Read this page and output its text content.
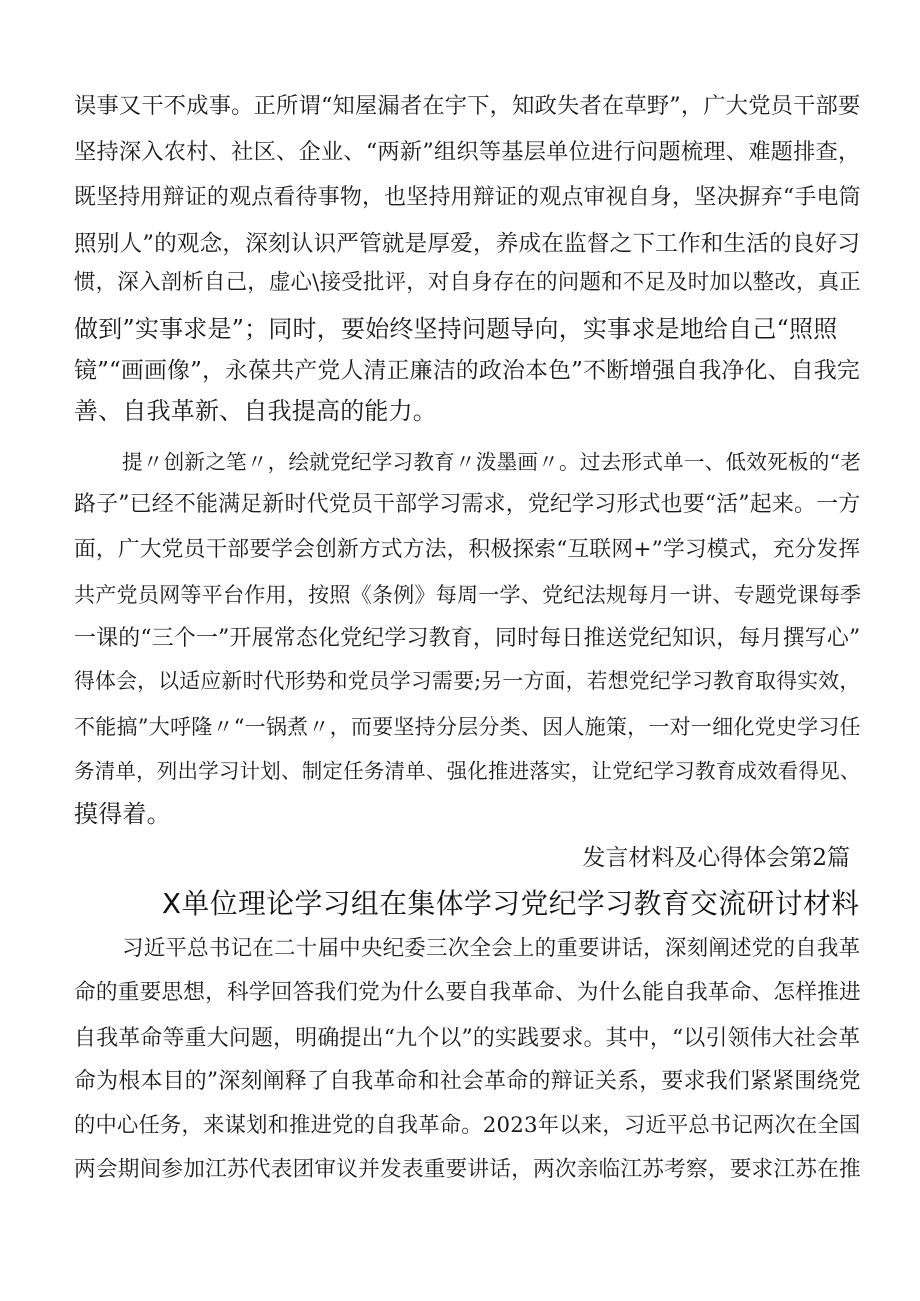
误事又干不成事。正所谓“知屋漏者在宇下，知政失者在草野”，广大党员干部要
坚持深入农村、社区、企业、“两新”组织等基层单位进行问题梳理、难题排查，
既坚持用辩证的观点看待事物，也坚持用辩证的观点审视自身，坚决摒弃“手电筒
照别人”的观念，深刻认识严管就是厚爱，养成在监督之下工作和生活的良好习
惯，深入剖析自己，虚心\接受批评，对自身存在的问题和不足及时加以整改，真正
做到”实事求是”；同时，要始终坚持问题导向，实事求是地给自己“照照
镜”“画画像”，永葆共产党人清正廉洁的政治本色”不断增强自我净化、自我完
善、自我革新、自我提高的能力。
提〃创新之笔〃，绘就党纪学习教育〃泼墨画〃。过去形式单一、低效死板的“老
路子”已经不能满足新时代党员干部学习需求，党纪学习形式也要“活”起来。一方
面，广大党员干部要学会创新方式方法，积极探索“互联网+”学习模式，充分发挥
共产党员网等平台作用，按照《条例》每周一学、党纪法规每月一讲、专题党课每季
一课的“三个一”开展常态化党纪学习教育，同时每日推送党纪知识，每月撰写心”
得体会，以适应新时代形势和党员学习需要;另一方面，若想党纪学习教育取得实效，
不能搞”大呼隆〃“一锅煮〃，而要坚持分层分类、因人施策，一对一细化党史学习任
务清单，列出学习计划、制定任务清单、强化推进落实，让党纪学习教育成效看得见、
摸得着。
发言材料及心得体会第2篇
X单位理论学习组在集体学习党纪学习教育交流研讨材料
习近平总书记在二十届中央纪委三次全会上的重要讲话，深刻阐述党的自我革
命的重要思想，科学回答我们党为什么要自我革命、为什么能自我革命、怎样推进
自我革命等重大问题，明确提出“九个以”的实践要求。其中，“以引领伟大社会革
命为根本目的”深刻阐释了自我革命和社会革命的辩证关系，要求我们紧紧围绕党
的中心任务，来谋划和推进党的自我革命。2023年以来，习近平总书记两次在全国
两会期间参加江苏代表团审议并发表重要讲话，两次亲临江苏考察，要求江苏在推
